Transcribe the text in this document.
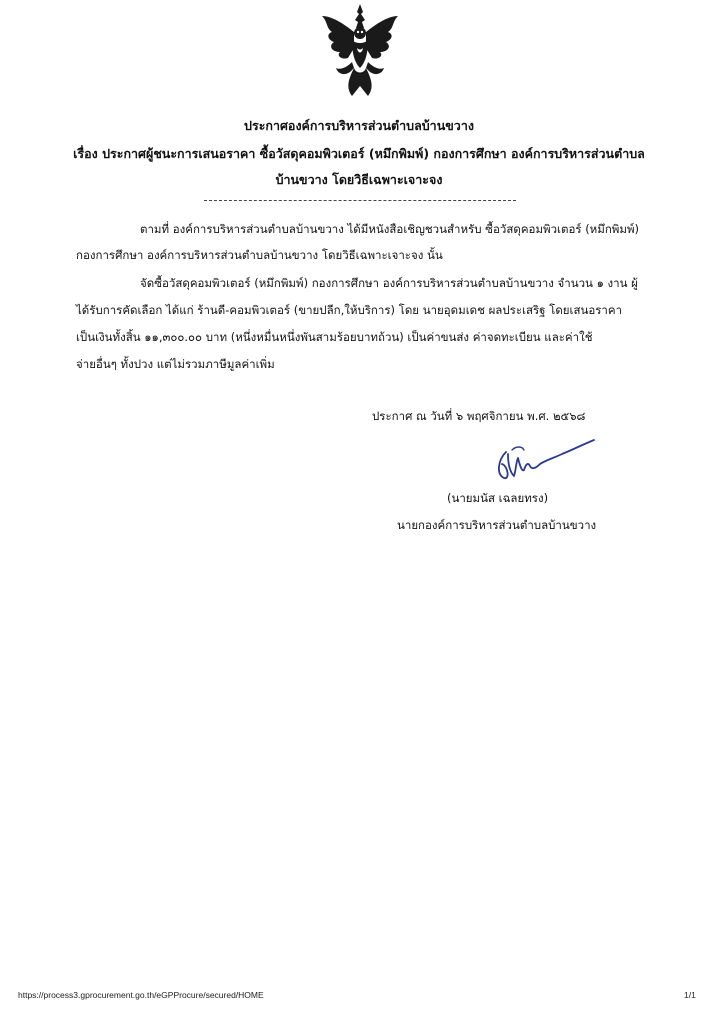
ประกาศองค์การบริหารส่วนตำบลบ้านขวาง
เรื่อง ประกาศผู้ชนะการเสนอราคา ซื้อวัสดุคอมพิวเตอร์ (หมึกพิมพ์) กองการศึกษา องค์การบริหารส่วนตำบล
บ้านขวาง โดยวิธีเฉพาะเจาะจง
ตามที่ องค์การบริหารส่วนตำบลบ้านขวาง ได้มีหนังสือเชิญชวนสำหรับ ซื้อวัสดุคอมพิวเตอร์ (หมึกพิมพ์)
กองการศึกษา องค์การบริหารส่วนตำบลบ้านขวาง โดยวิธีเฉพาะเจาะจง นั้น
จัดซื้อวัสดุคอมพิวเตอร์ (หมึกพิมพ์) กองการศึกษา องค์การบริหารส่วนตำบลบ้านขวาง จำนวน ๑ งาน ผู้
ได้รับการคัดเลือก ได้แก่ ร้านดี-คอมพิวเตอร์ (ขายปลีก,ให้บริการ) โดย นายอุดมเดช ผลประเสริฐ โดยเสนอราคา
เป็นเงินทั้งสิ้น ๑๑,๓๐๐.๐๐ บาท (หนึ่งหมื่นหนึ่งพันสามร้อยบาทถ้วน) เป็นค่าขนส่ง ค่าจดทะเบียน และค่าใช้
จ่ายอื่นๆ ทั้งปวง แต่ไม่รวมภาษีมูลค่าเพิ่ม
ประกาศ ณ วันที่ ๖ พฤศจิกายน พ.ศ. ๒๕๖๘
(นายมนัส เฉลยทรง)
นายกองค์การบริหารส่วนตำบลบ้านขวาง
https://process3.gprocurement.go.th/eGPProcure/secured/HOME	1/1
